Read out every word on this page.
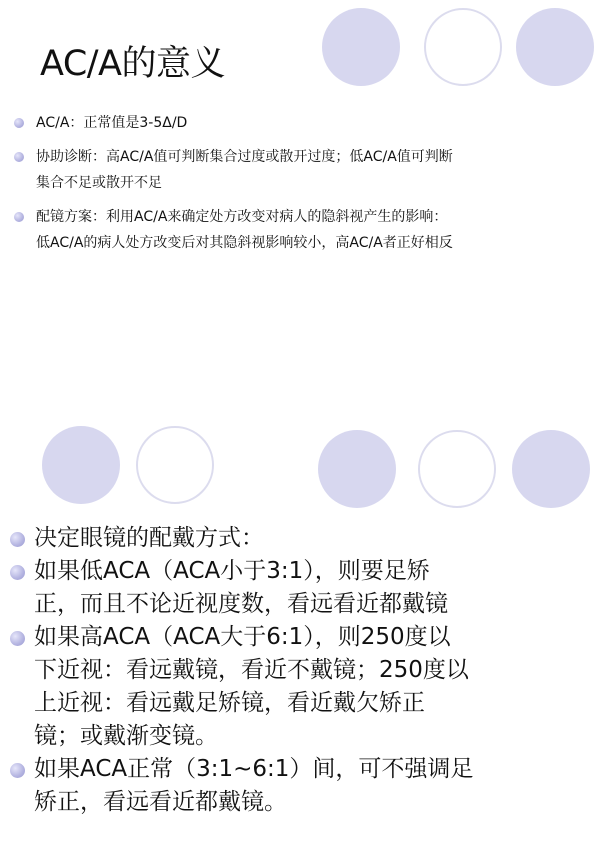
AC/A的意义
AC/A：正常值是3-5Δ/D
协助诊断：高AC/A值可判断集合过度或散开过度；低AC/A值可判断
集合不足或散开不足
配镜方案：利用AC/A来确定处方改变对病人的隐斜视产生的影响：
低AC/A的病人处方改变后对其隐斜视影响较小，高AC/A者正好相反
决定眼镜的配戴方式：
如果低ACA（ACA小于3:1），则要足矫
正，而且不论近视度数，看远看近都戴镜
如果高ACA（ACA大于6:1），则250度以
下近视：看远戴镜，看近不戴镜；250度以
上近视：看远戴足矫镜，看近戴欠矫正
镜；或戴渐变镜。
如果ACA正常（3:1~6:1）间，可不强调足
矫正，看远看近都戴镜。
